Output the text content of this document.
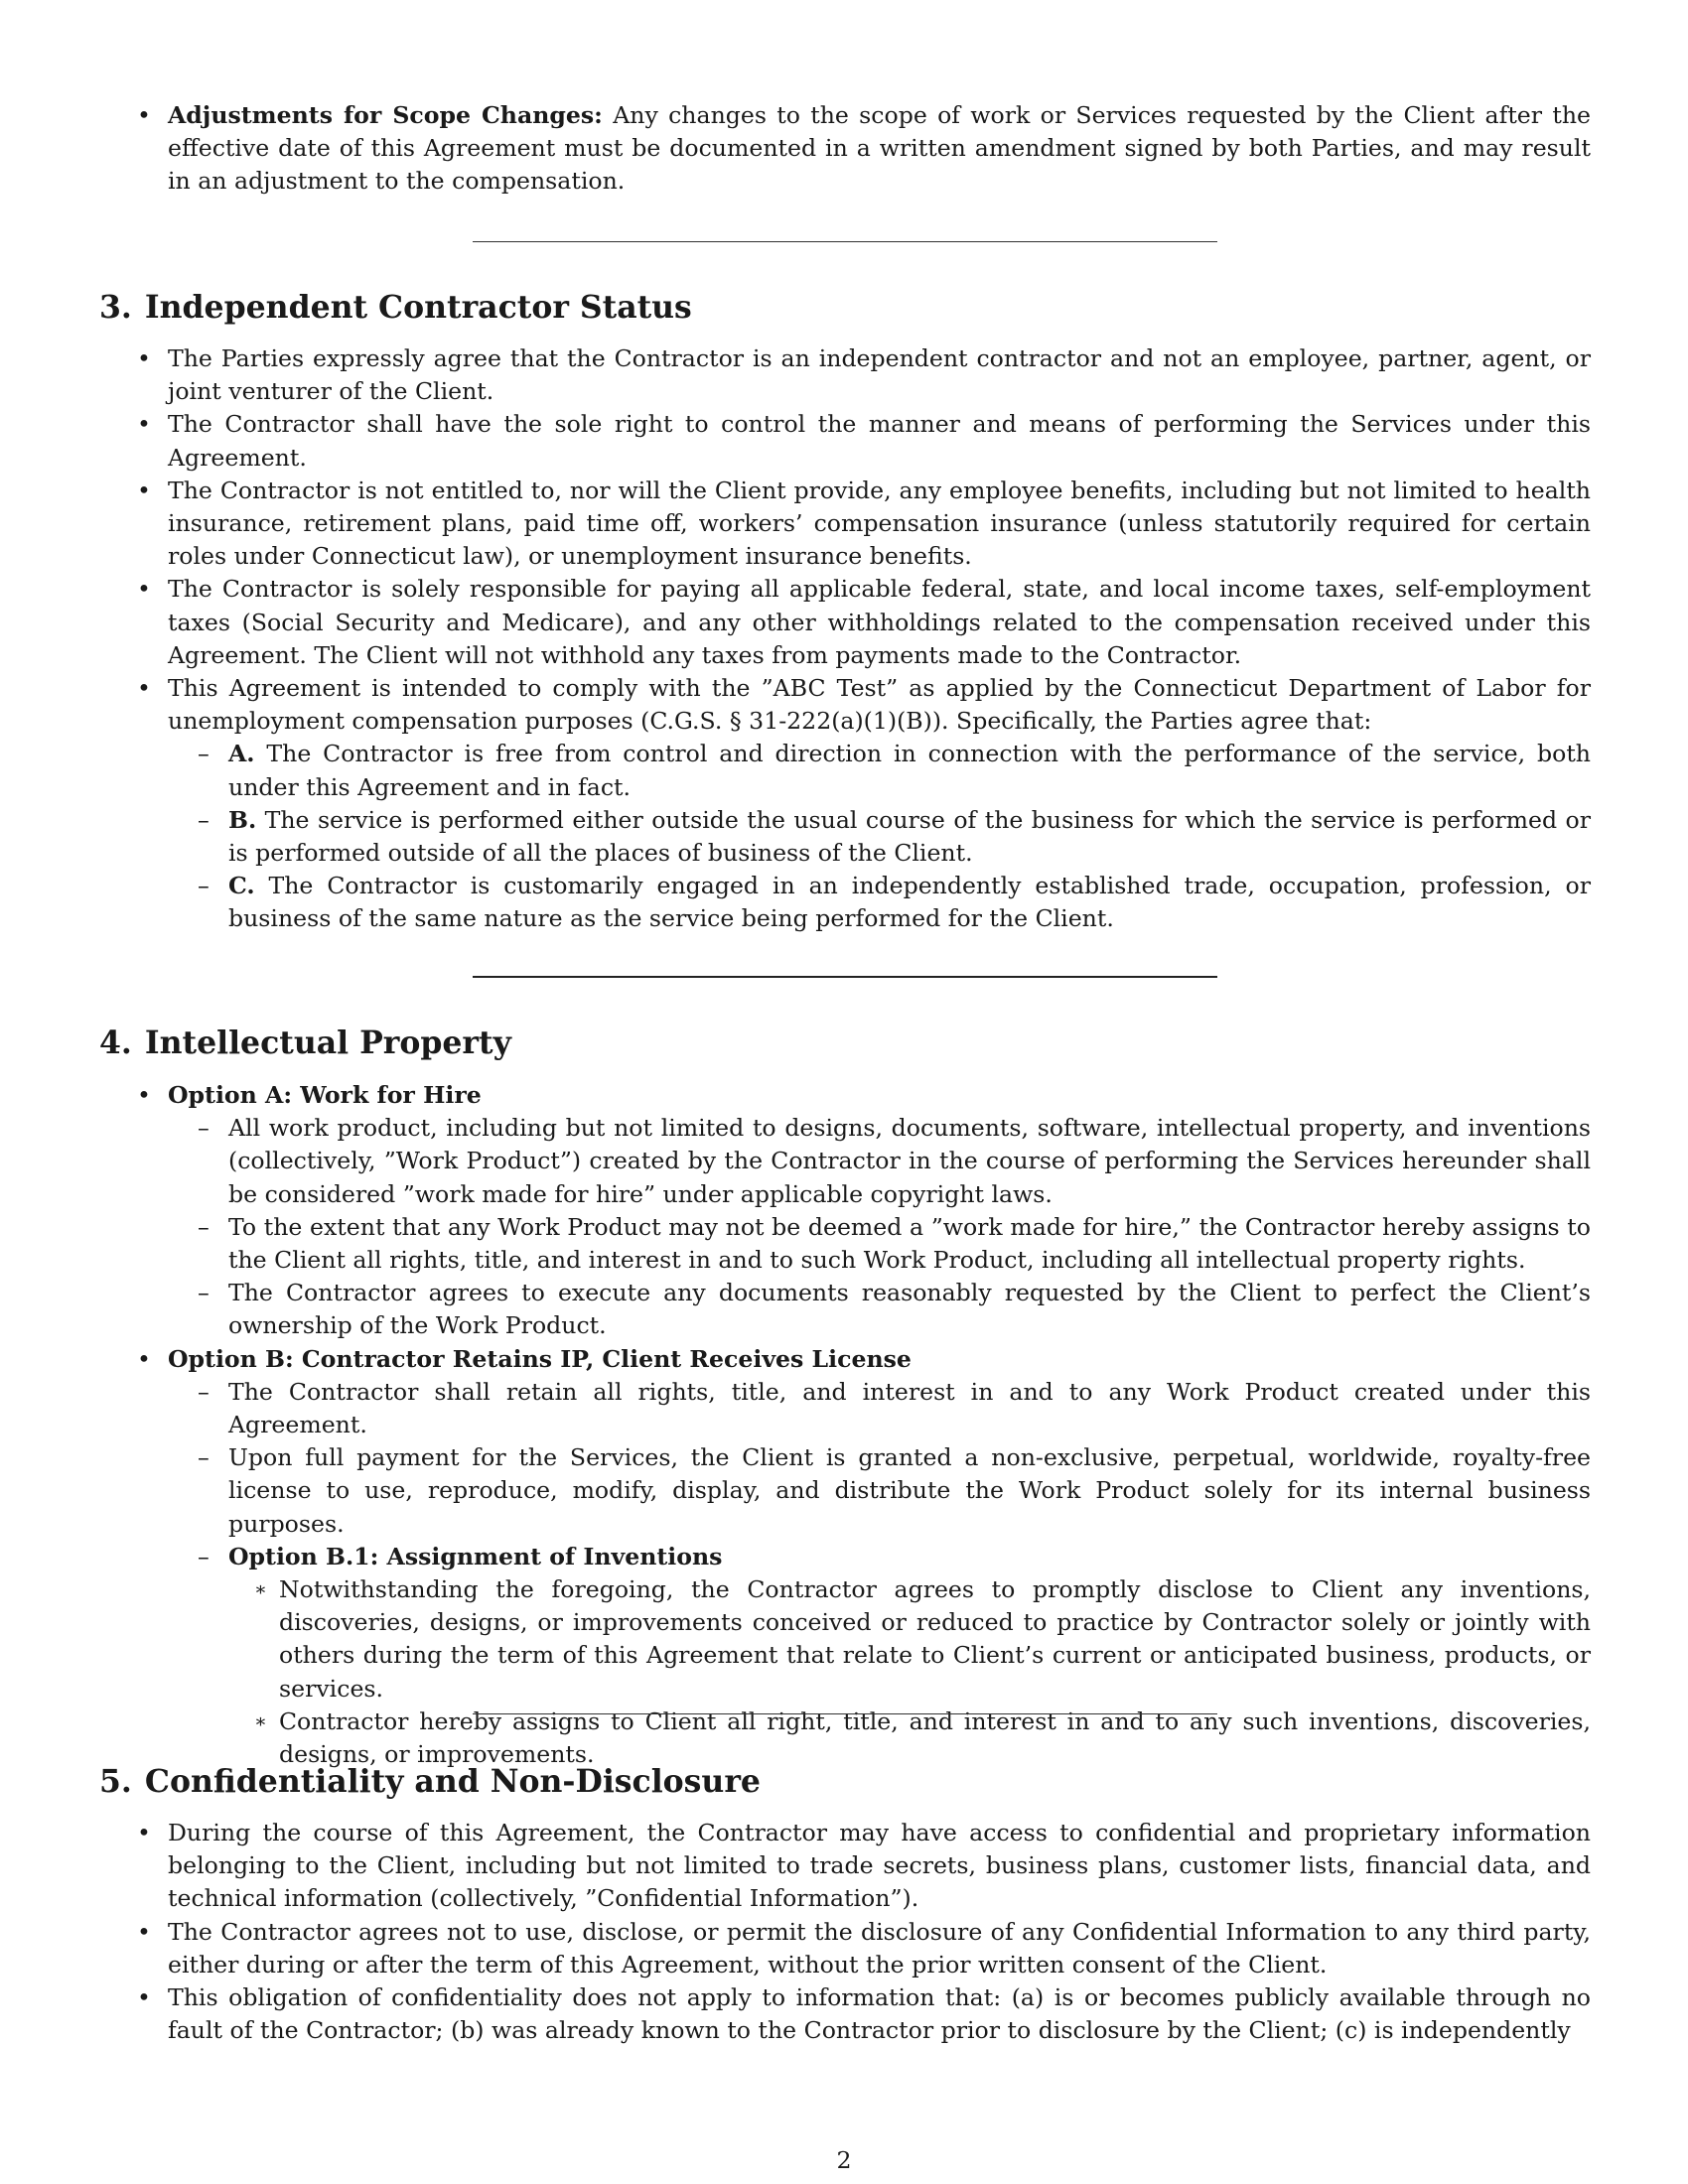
• Adjustments for Scope Changes: Any changes to the scope of work or Services requested by the Client after the effective date of this Agreement must be documented in a written amendment signed by both Parties, and may result in an adjustment to the compensation.
3. Independent Contractor Status
• The Parties expressly agree that the Contractor is an independent contractor and not an employee, partner, agent, or joint venturer of the Client.
• The Contractor shall have the sole right to control the manner and means of performing the Services under this Agreement.
• The Contractor is not entitled to, nor will the Client provide, any employee benefits, including but not limited to health insurance, retirement plans, paid time off, workers’ compensation insurance (unless statutorily required for certain roles under Connecticut law), or unemployment insurance benefits.
• The Contractor is solely responsible for paying all applicable federal, state, and local income taxes, self-employment taxes (Social Security and Medicare), and any other withholdings related to the compensation received under this Agreement. The Client will not withhold any taxes from payments made to the Contractor.
• This Agreement is intended to comply with the ”ABC Test” as applied by the Connecticut Department of Labor for unemployment compensation purposes (C.G.S. § 31-222(a)(1)(B)). Specifically, the Parties agree that:
– A. The Contractor is free from control and direction in connection with the performance of the service, both under this Agreement and in fact.
– B. The service is performed either outside the usual course of the business for which the service is performed or is performed outside of all the places of business of the Client.
– C. The Contractor is customarily engaged in an independently established trade, occupation, profession, or business of the same nature as the service being performed for the Client.
4. Intellectual Property
• Option A: Work for Hire
– All work product, including but not limited to designs, documents, software, intellectual property, and inventions (collectively, ”Work Product”) created by the Contractor in the course of performing the Services hereunder shall be considered ”work made for hire” under applicable copyright laws.
– To the extent that any Work Product may not be deemed a ”work made for hire,” the Contractor hereby assigns to the Client all rights, title, and interest in and to such Work Product, including all intellectual property rights.
– The Contractor agrees to execute any documents reasonably requested by the Client to perfect the Client’s ownership of the Work Product.
• Option B: Contractor Retains IP, Client Receives License
– The Contractor shall retain all rights, title, and interest in and to any Work Product created under this Agreement.
– Upon full payment for the Services, the Client is granted a non-exclusive, perpetual, worldwide, royalty-free license to use, reproduce, modify, display, and distribute the Work Product solely for its internal business purposes.
– Option B.1: Assignment of Inventions
∗ Notwithstanding the foregoing, the Contractor agrees to promptly disclose to Client any inventions, discoveries, designs, or improvements conceived or reduced to practice by Contractor solely or jointly with others during the term of this Agreement that relate to Client’s current or anticipated business, products, or services.
∗ Contractor hereby assigns to Client all right, title, and interest in and to any such inventions, discoveries, designs, or improvements.
5. Confidentiality and Non-Disclosure
• During the course of this Agreement, the Contractor may have access to confidential and proprietary information belonging to the Client, including but not limited to trade secrets, business plans, customer lists, financial data, and technical information (collectively, ”Confidential Information”).
• The Contractor agrees not to use, disclose, or permit the disclosure of any Confidential Information to any third party, either during or after the term of this Agreement, without the prior written consent of the Client.
• This obligation of confidentiality does not apply to information that: (a) is or becomes publicly available through no fault of the Contractor; (b) was already known to the Contractor prior to disclosure by the Client; (c) is independently
2
